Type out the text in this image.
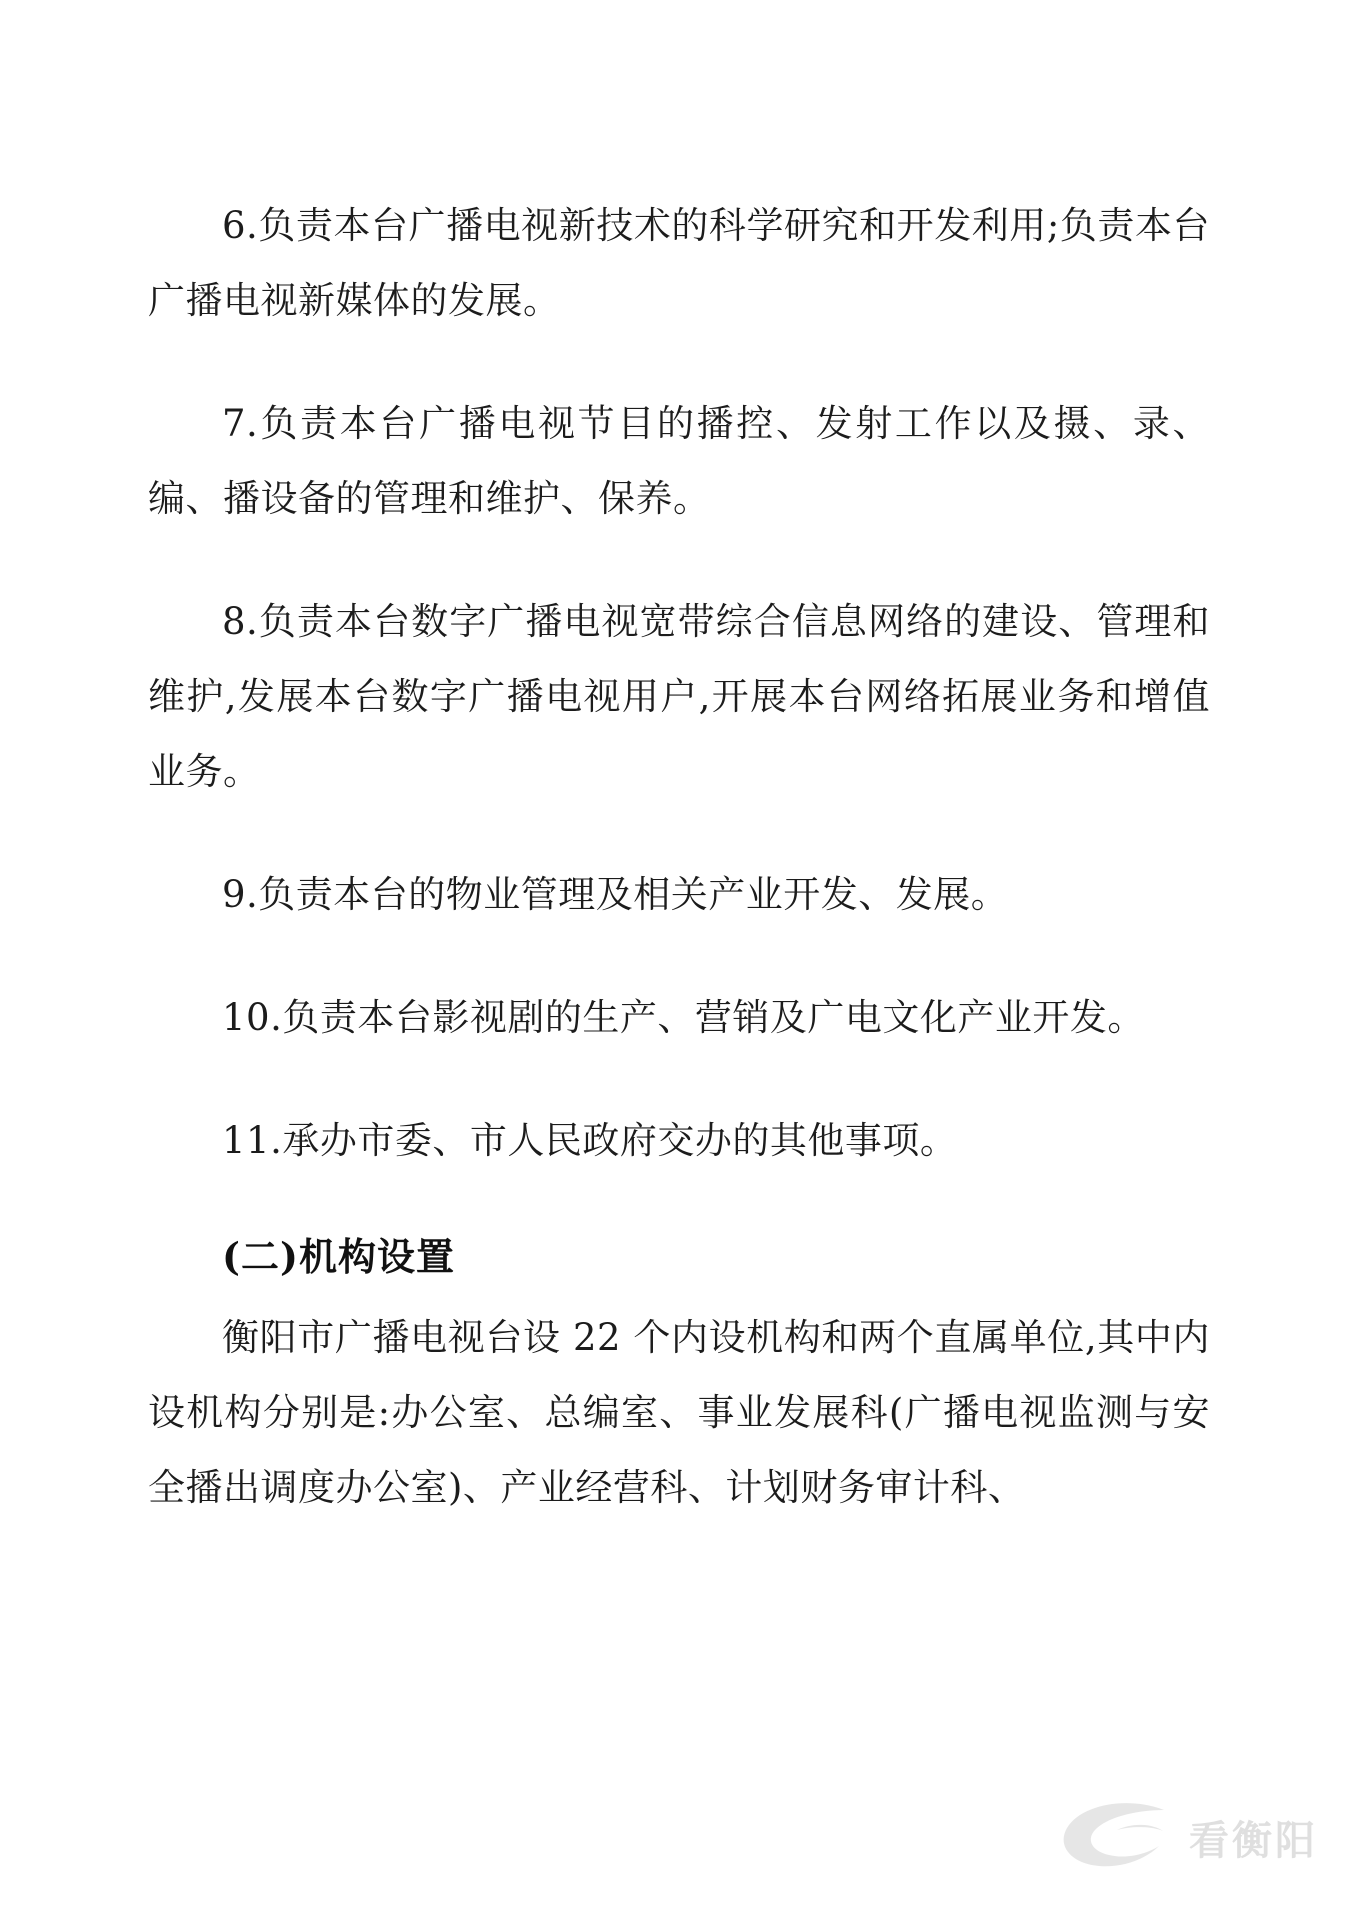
6.负责本台广播电视新技术的科学研究和开发利用;负责本台广播电视新媒体的发展。

7.负责本台广播电视节目的播控、发射工作以及摄、录、编、播设备的管理和维护、保养。

8.负责本台数字广播电视宽带综合信息网络的建设、管理和维护,发展本台数字广播电视用户,开展本台网络拓展业务和增值业务。

9.负责本台的物业管理及相关产业开发、发展。

10.负责本台影视剧的生产、营销及广电文化产业开发。

11.承办市委、市人民政府交办的其他事项。

(二)机构设置

衡阳市广播电视台设 22 个内设机构和两个直属单位,其中内设机构分别是:办公室、总编室、事业发展科(广播电视监测与安全播出调度办公室)、产业经营科、计划财务审计科、

看衡阳
